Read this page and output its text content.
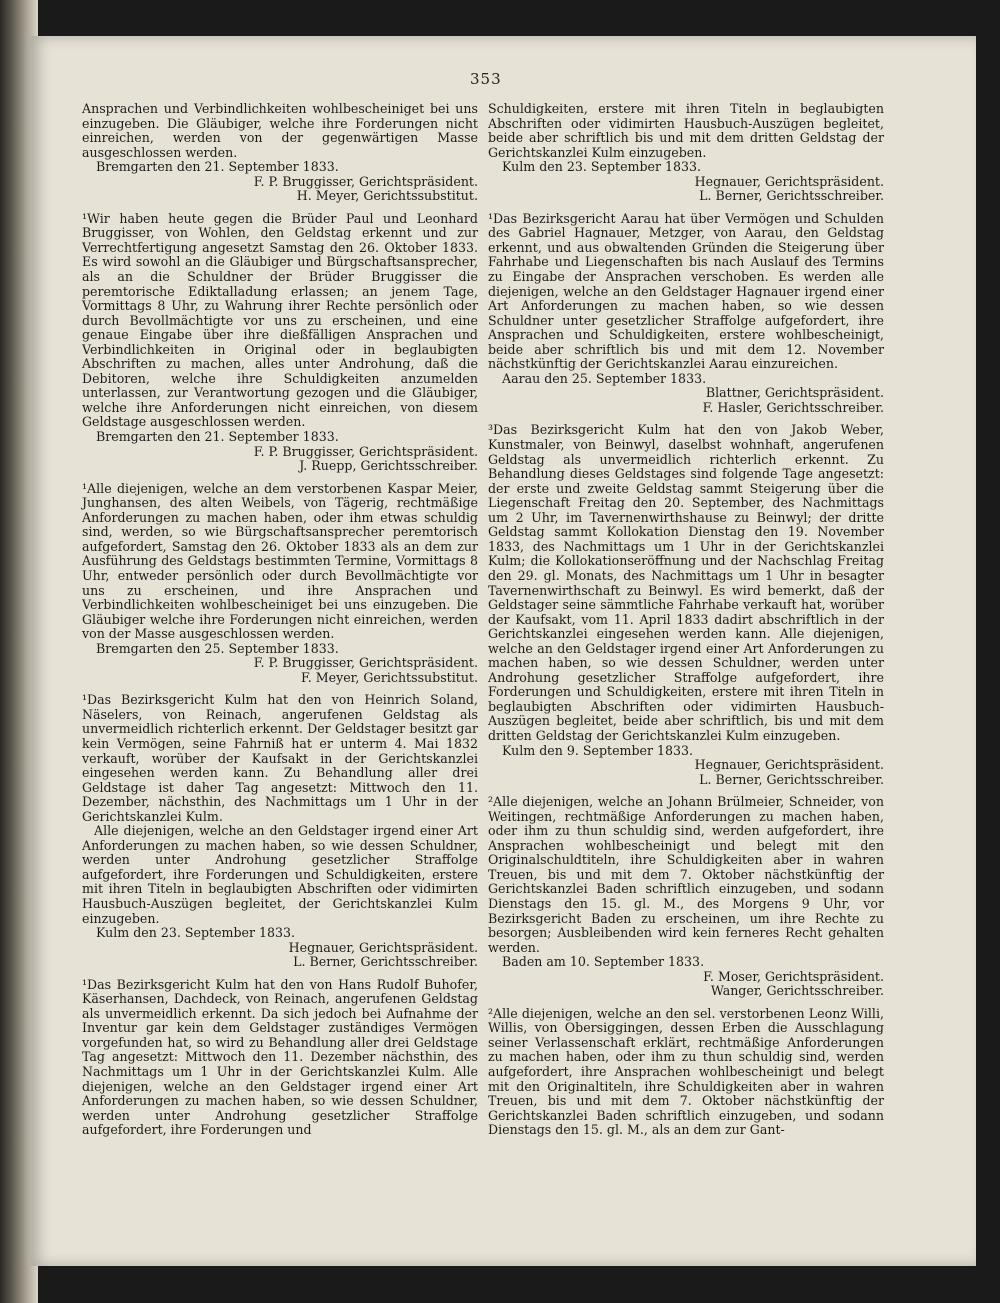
353
Ansprachen und Verbindlichkeiten wohlbescheiniget bei uns einzugeben. Die Gläubiger, welche ihre Forderungen nicht einreichen, werden von der gegenwärtigen Masse ausgeschlossen werden.
Bremgarten den 21. September 1833.
F. P. Bruggisser, Gerichtspräsident.
H. Meyer, Gerichtssubstitut.
¹Wir haben heute gegen die Brüder Paul und Leonhard Bruggisser, von Wohlen, den Geldstag erkennt und zur Verrechtfertigung angesetzt Samstag den 26. Oktober 1833. Es wird sowohl an die Gläubiger und Bürgschaftsansprecher, als an die Schuldner der Brüder Bruggisser die peremtorische Ediktalladung erlassen; an jenem Tage, Vormittags 8 Uhr, zu Wahrung ihrer Rechte persönlich oder durch Bevollmächtigte vor uns zu erscheinen, und eine genaue Eingabe über ihre dießfälligen Ansprachen und Verbindlichkeiten in Original oder in beglaubigten Abschriften zu machen, alles unter Androhung, daß die Debitoren, welche ihre Schuldigkeiten anzumelden unterlassen, zur Verantwortung gezogen und die Gläubiger, welche ihre Anforderungen nicht einreichen, von diesem Geldstage ausgeschlossen werden.
Bremgarten den 21. September 1833.
F. P. Bruggisser, Gerichtspräsident.
J. Ruepp, Gerichtsschreiber.
¹Alle diejenigen, welche an dem verstorbenen Kaspar Meier, Junghansen, des alten Weibels, von Tägerig, rechtmäßige Anforderungen zu machen haben, oder ihm etwas schuldig sind, werden, so wie Bürgschaftsansprecher peremtorisch aufgefordert, Samstag den 26. Oktober 1833 als an dem zur Ausführung des Geldstags bestimmten Termine, Vormittags 8 Uhr, entweder persönlich oder durch Bevollmächtigte vor uns zu erscheinen, und ihre Ansprachen und Verbindlichkeiten wohlbescheiniget bei uns einzugeben. Die Gläubiger welche ihre Forderungen nicht einreichen, werden von der Masse ausgeschlossen werden.
Bremgarten den 25. September 1833.
F. P. Bruggisser, Gerichtspräsident.
F. Meyer, Gerichtssubstitut.
¹Das Bezirksgericht Kulm hat den von Heinrich Soland, Näselers, von Reinach, angerufenen Geldstag als unvermeidlich richterlich erkennt. Der Geldstager besitzt gar kein Vermögen, seine Fahrniß hat er unterm 4. Mai 1832 verkauft, worüber der Kaufsakt in der Gerichtskanzlei eingesehen werden kann. Zu Behandlung aller drei Geldstage ist daher Tag angesetzt: Mittwoch den 11. Dezember, nächsthin, des Nachmittags um 1 Uhr in der Gerichtskanzlei Kulm.
Alle diejenigen, welche an den Geldstager irgend einer Art Anforderungen zu machen haben, so wie dessen Schuldner, werden unter Androhung gesetzlicher Straffolge aufgefordert, ihre Forderungen und Schuldigkeiten, erstere mit ihren Titeln in beglaubigten Abschriften oder vidimirten Hausbuch-Auszügen begleitet, der Gerichtskanzlei Kulm einzugeben.
Kulm den 23. September 1833.
Hegnauer, Gerichtspräsident.
L. Berner, Gerichtsschreiber.
¹Das Bezirksgericht Kulm hat den von Hans Rudolf Buhofer, Käserhansen, Dachdeck, von Reinach, angerufenen Geldstag als unvermeidlich erkennt. Da sich jedoch bei Aufnahme der Inventur gar kein dem Geldstager zuständiges Vermögen vorgefunden hat, so wird zu Behandlung aller drei Geldstage Tag angesetzt: Mittwoch den 11. Dezember nächsthin, des Nachmittags um 1 Uhr in der Gerichtskanzlei Kulm. Alle diejenigen, welche an den Geldstager irgend einer Art Anforderungen zu machen haben, so wie dessen Schuldner, werden unter Androhung gesetzlicher Straffolge aufgefordert, ihre Forderungen und
Schuldigkeiten, erstere mit ihren Titeln in beglaubigten Abschriften oder vidimirten Hausbuch-Auszügen begleitet, beide aber schriftlich bis und mit dem dritten Geldstag der Gerichtskanzlei Kulm einzugeben.
Kulm den 23. September 1833.
Hegnauer, Gerichtspräsident.
L. Berner, Gerichtsschreiber.
¹Das Bezirksgericht Aarau hat über Vermögen und Schulden des Gabriel Hagnauer, Metzger, von Aarau, den Geldstag erkennt, und aus obwaltenden Gründen die Steigerung über Fahrhabe und Liegenschaften bis nach Auslauf des Termins zu Eingabe der Ansprachen verschoben. Es werden alle diejenigen, welche an den Geldstager Hagnauer irgend einer Art Anforderungen zu machen haben, so wie dessen Schuldner unter gesetzlicher Straffolge aufgefordert, ihre Ansprachen und Schuldigkeiten, erstere wohlbescheinigt, beide aber schriftlich bis und mit dem 12. November nächstkünftig der Gerichtskanzlei Aarau einzureichen.
Aarau den 25. September 1833.
Blattner, Gerichtspräsident.
F. Hasler, Gerichtsschreiber.
³Das Bezirksgericht Kulm hat den von Jakob Weber, Kunstmaler, von Beinwyl, daselbst wohnhaft, angerufenen Geldstag als unvermeidlich richterlich erkennt. Zu Behandlung dieses Geldstages sind folgende Tage angesetzt: der erste und zweite Geldstag sammt Steigerung über die Liegenschaft Freitag den 20. September, des Nachmittags um 2 Uhr, im Tavernenwirthshause zu Beinwyl; der dritte Geldstag sammt Kollokation Dienstag den 19. November 1833, des Nachmittags um 1 Uhr in der Gerichtskanzlei Kulm; die Kollokationseröffnung und der Nachschlag Freitag den 29. gl. Monats, des Nachmittags um 1 Uhr in besagter Tavernenwirthschaft zu Beinwyl. Es wird bemerkt, daß der Geldstager seine sämmtliche Fahrhabe verkauft hat, worüber der Kaufsakt, vom 11. April 1833 dadirt abschriftlich in der Gerichtskanzlei eingesehen werden kann. Alle diejenigen, welche an den Geldstager irgend einer Art Anforderungen zu machen haben, so wie dessen Schuldner, werden unter Androhung gesetzlicher Straffolge aufgefordert, ihre Forderungen und Schuldigkeiten, erstere mit ihren Titeln in beglaubigten Abschriften oder vidimirten Hausbuch-Auszügen begleitet, beide aber schriftlich, bis und mit dem dritten Geldstag der Gerichtskanzlei Kulm einzugeben.
Kulm den 9. September 1833.
Hegnauer, Gerichtspräsident.
L. Berner, Gerichtsschreiber.
²Alle diejenigen, welche an Johann Brülmeier, Schneider, von Weitingen, rechtmäßige Anforderungen zu machen haben, oder ihm zu thun schuldig sind, werden aufgefordert, ihre Ansprachen wohlbescheinigt und belegt mit den Originalschuldtiteln, ihre Schuldigkeiten aber in wahren Treuen, bis und mit dem 7. Oktober nächstkünftig der Gerichtskanzlei Baden schriftlich einzugeben, und sodann Dienstags den 15. gl. M., des Morgens 9 Uhr, vor Bezirksgericht Baden zu erscheinen, um ihre Rechte zu besorgen; Ausbleibenden wird kein ferneres Recht gehalten werden.
Baden am 10. September 1833.
F. Moser, Gerichtspräsident.
Wanger, Gerichtsschreiber.
²Alle diejenigen, welche an den sel. verstorbenen Leonz Willi, Willis, von Obersiggingen, dessen Erben die Ausschlagung seiner Verlassenschaft erklärt, rechtmäßige Anforderungen zu machen haben, oder ihm zu thun schuldig sind, werden aufgefordert, ihre Ansprachen wohlbescheinigt und belegt mit den Originaltiteln, ihre Schuldigkeiten aber in wahren Treuen, bis und mit dem 7. Oktober nächstkünftig der Gerichtskanzlei Baden schriftlich einzugeben, und sodann Dienstags den 15. gl. M., als an dem zur Gant-
